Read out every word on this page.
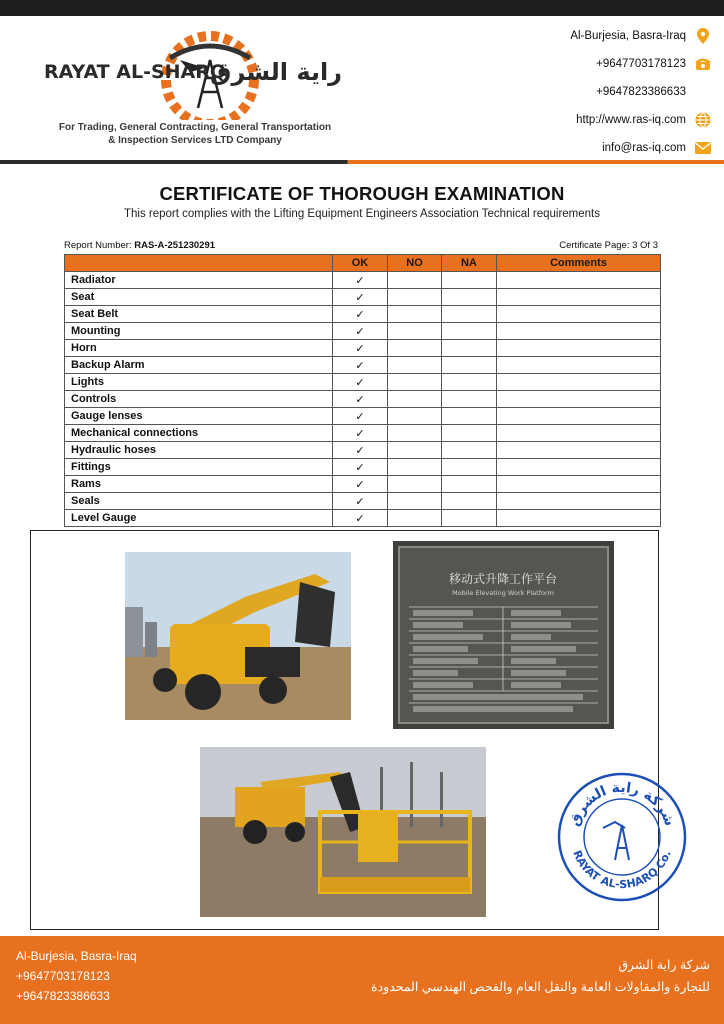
RAYAT AL-SHARQ
راية الشرق
For Trading, General Contracting, General Transportation
& Inspection Services LTD Company
Al-Burjesia, Basra-Iraq
+9647703178123
+9647823386633
http://www.ras-iq.com
info@ras-iq.com
CERTIFICATE OF THOROUGH EXAMINATION
This report complies with the Lifting Equipment Engineers Association Technical requirements
Report Number: RAS-A-251230291	Certificate Page: 3 Of 3
	OK	NO	NA	Comments
Radiator	✓			
Seat	✓			
Seat Belt	✓			
Mounting	✓			
Horn	✓			
Backup Alarm	✓			
Lights	✓			
Controls	✓			
Gauge lenses	✓			
Mechanical connections	✓			
Hydraulic hoses	✓			
Fittings	✓			
Rams	✓			
Seals	✓			
Level Gauge	✓			
移动式升降工作平台
Mobile Elevating Work Platform
شركة راية الشرق
RAYAT AL-SHARQ Co.
Al-Burjesia, Basra-Iraq
+9647703178123
+9647823386633
شركة راية الشرق
للتجارة والمقاولات العامة والنقل العام والفحص الهندسي المحدودة
